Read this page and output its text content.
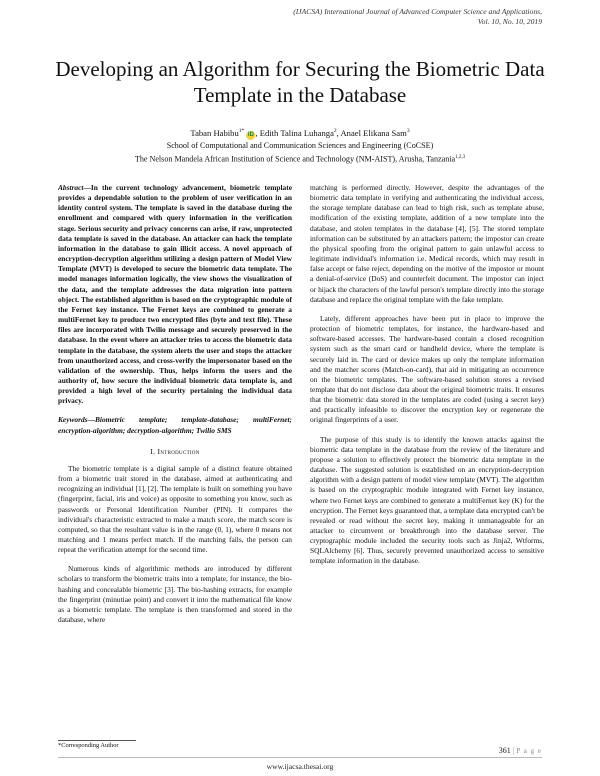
(IJACSA) International Journal of Advanced Computer Science and Applications,
Vol. 10, No. 10, 2019
Developing an Algorithm for Securing the Biometric Data Template in the Database
Taban Habibu$^{1*}$ iD , Edith Talina Luhanga$^2$, Anael Elikana Sam$^3$
School of Computational and Communication Sciences and Engineering (CoCSE)
The Nelson Mandela African Institution of Science and Technology (NM-AIST), Arusha, Tanzania$^{1,2,3}$

Abstract—In the current technology advancement, biometric template provides a dependable solution to the problem of user verification in an identity control system. The template is saved in the database during the enrollment and compared with query information in the verification stage. Serious security and privacy concerns can arise, if raw, unprotected data template is saved in the database. An attacker can hack the template information in the database to gain illicit access. A novel approach of encryption-decryption algorithm utilizing a design pattern of Model View Template (MVT) is developed to secure the biometric data template. The model manages information logically, the view shows the visualization of the data, and the template addresses the data migration into pattern object. The established algorithm is based on the cryptographic module of the Fernet key instance. The Fernet keys are combined to generate a multiFernet key to produce two encrypted files (byte and text file). These files are incorporated with Twilio message and securely preserved in the database. In the event where an attacker tries to access the biometric data template in the database, the system alerts the user and stops the attacker from unauthorized access, and cross-verify the impersonator based on the validation of the ownership. Thus, helps inform the users and the authority of, how secure the individual biometric data template is, and provided a high level of the security pertaining the individual data privacy.

Keywords—Biometric template; template-database; multiFernet; encryption-algorithm; decryption-algorithm; Twilio SMS

I. Introduction

The biometric template is a digital sample of a distinct feature obtained from a biometric trait stored in the database, aimed at authenticating and recognizing an individual [1], [2]. The template is built on something you have (fingerprint, facial, iris and voice) as opposite to something you know, such as passwords or Personal Identification Number (PIN). It compares the individual's characteristic extracted to make a match score, the match score is computed, so that the resultant value is in the range (0, 1), where 0 means not matching and 1 means perfect match. If the matching fails, the person can repeat the verification attempt for the second time.

Numerous kinds of algorithmic methods are introduced by different scholars to transform the biometric traits into a template, for instance, the bio-hashing and concealable biometric [3]. The bio-hashing extracts, for example the fingerprint (minutiae point) and convert it into the mathematical file know as a biometric template. The template is then transformed and stored in the database, where

matching is performed directly. However, despite the advantages of the biometric data template in verifying and authenticating the individual access, the storage template database can lead to high risk, such as template abuse, modification of the existing template, addition of a new template into the database, and stolen templates in the database [4], [5]. The stored template information can be substituted by an attackers pattern; the impostor can create the physical spoofing from the original pattern to gain unlawful access to legitimate individual's information i.e. Medical records, which may result in false accept or false reject, depending on the motive of the impostor or mount a denial-of-service (DoS) and counterfeit document. The impostor can inject or hijack the characters of the lawful person's template directly into the storage database and replace the original template with the fake template.

Lately, different approaches have been put in place to improve the protection of biometric templates, for instance, the hardware-based and software-based accesses. The hardware-based contain a closed recognition system such as the smart card or handheld device, where the template is securely laid in. The card or device makes up only the template information and the matcher scores (Match-on-card), that aid in mitigating an occurrence on the biometric templates. The software-based solution stores a revised template that do not disclose data about the original biometric traits. It ensures that the biometric data stored in the templates are coded (using a secret key) and practically infeasible to discover the encryption key or regenerate the original fingerprints of a user.

The purpose of this study is to identify the known attacks against the biometric data template in the database from the review of the literature and propose a solution to effectively protect the biometric data template in the database. The suggested solution is established on an encryption-decryption algorithm with a design pattern of model view template (MVT). The algorithm is based on the cryptographic module integrated with Fernet key instance, where two Fernet keys are combined to generate a multiFernet key (K) for the encryption. The Fernet keys guaranteed that, a template data encrypted can't be revealed or read without the secret key, making it unmanageable for an attacker to circumvent or breakthrough into the database server. The cryptographic module included the security tools such as Jinja2, Wtforms, SQLAlchemy [6]. Thus, securely prevented unauthorized access to sensitive template information in the database.

*Corresponding Author
361 | P a g e
www.ijacsa.thesai.org
